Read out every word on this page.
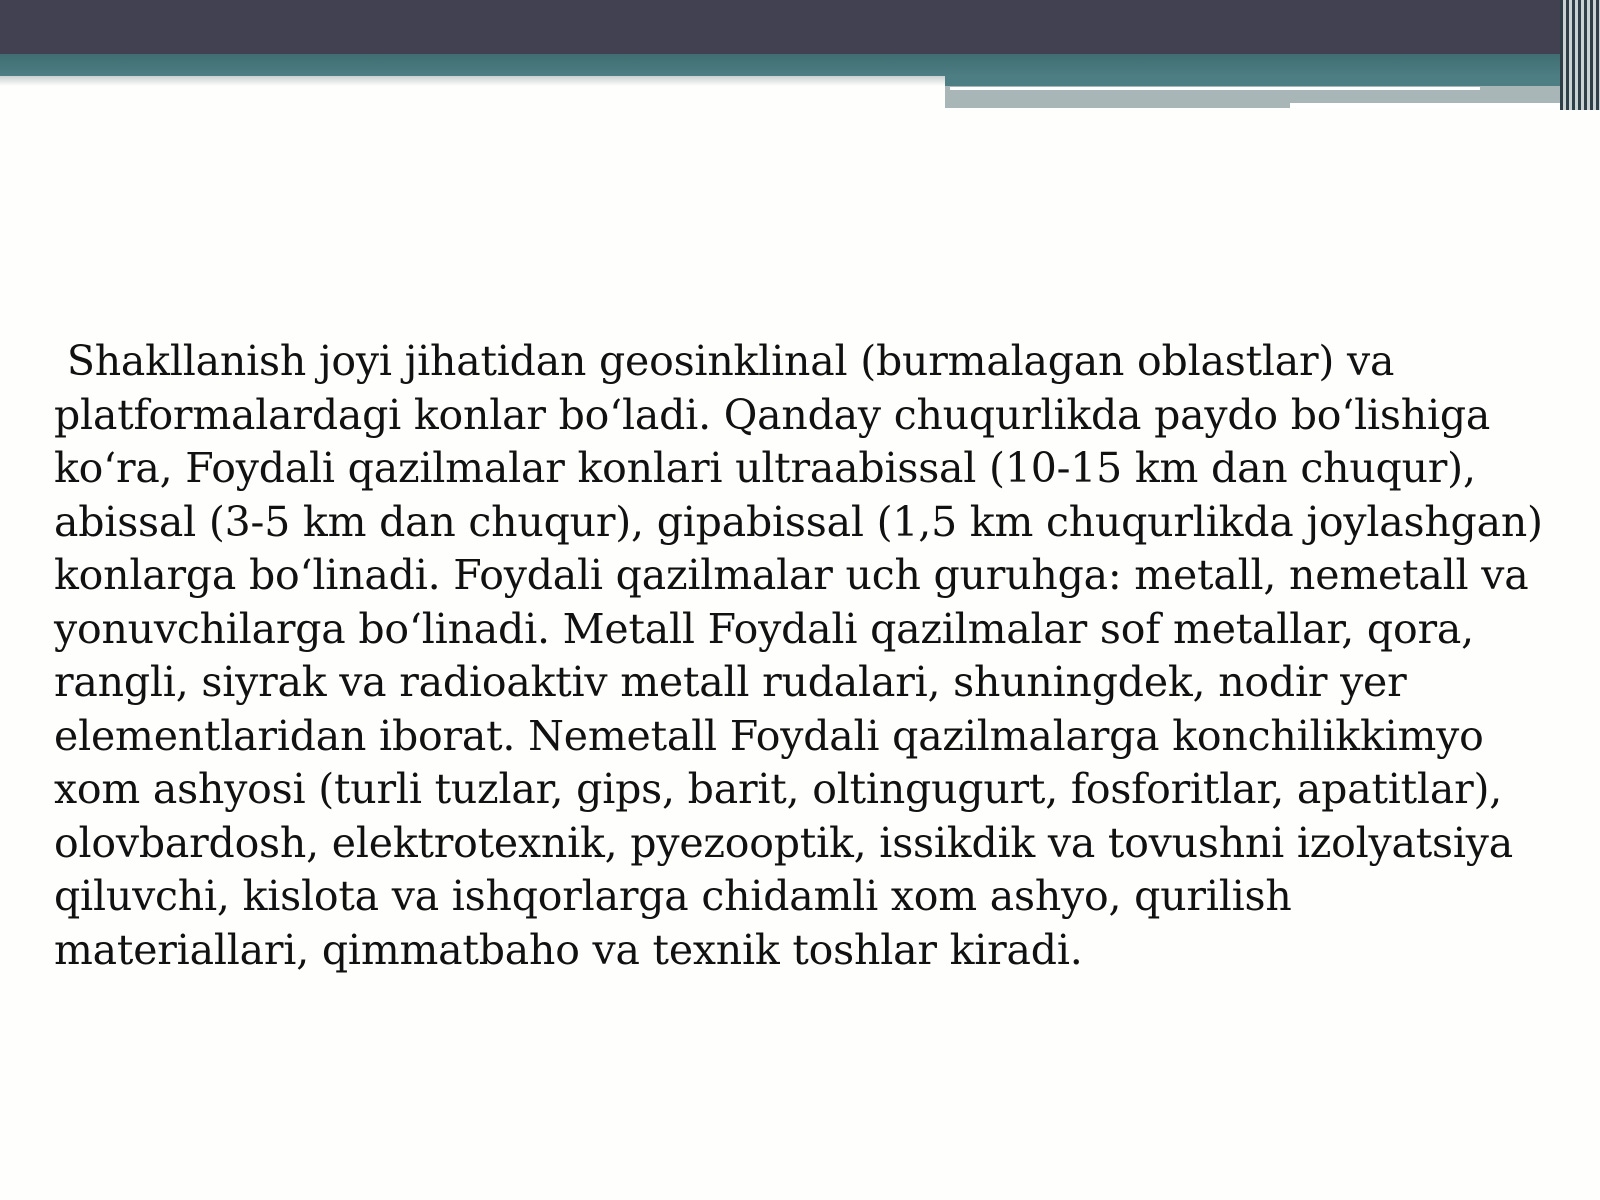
Shakllanish joyi jihatidan geosinklinal (burmalagan oblastlar) va platformalardagi konlar bo‘ladi. Qanday chuqurlikda paydo bo‘lishiga ko‘ra, Foydali qazilmalar konlari ultraabissal (10-15 km dan chuqur), abissal (3-5 km dan chuqur), gipabissal (1,5 km chuqurlikda joylashgan) konlarga bo‘linadi. Foydali qazilmalar uch guruhga: metall, nemetall va yonuvchilarga bo‘linadi. Metall Foydali qazilmalar sof metallar, qora, rangli, siyrak va radioaktiv metall rudalari, shuningdek, nodir yer elementlaridan iborat. Nemetall Foydali qazilmalarga konchilikkimyo xom ashyosi (turli tuzlar, gips, barit, oltingugurt, fosforitlar, apatitlar), olovbardosh, elektrotexnik, pyezooptik, issikdik va tovushni izolyatsiya qiluvchi, kislota va ishqorlarga chidamli xom ashyo, qurilish materiallari, qimmatbaho va texnik toshlar kiradi.
